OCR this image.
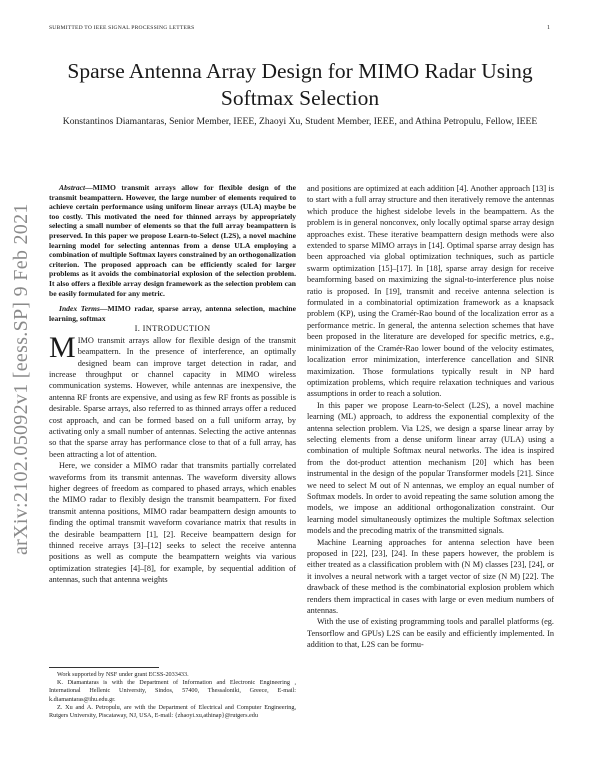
SUBMITTED TO IEEE SIGNAL PROCESSING LETTERS	1
arXiv:2102.05092v1 [eess.SP] 9 Feb 2021
Sparse Antenna Array Design for MIMO Radar Using Softmax Selection
Konstantinos Diamantaras, Senior Member, IEEE, Zhaoyi Xu, Student Member, IEEE, and Athina Petropulu, Fellow, IEEE

Abstract—MIMO transmit arrays allow for flexible design of the transmit beampattern. However, the large number of elements required to achieve certain performance using uniform linear arrays (ULA) maybe be too costly. This motivated the need for thinned arrays by appropriately selecting a small number of elements so that the full array beampattern is preserved. In this paper we propose Learn-to-Select (L2S), a novel machine learning model for selecting antennas from a dense ULA employing a combination of multiple Softmax layers constrained by an orthogonalization criterion. The proposed approach can be efficiently scaled for larger problems as it avoids the combinatorial explosion of the selection problem. It also offers a flexible array design framework as the selection problem can be easily formulated for any metric.

Index Terms—MIMO radar, sparse array, antenna selection, machine learning, softmax

I. INTRODUCTION

MIMO transmit arrays allow for flexible design of the transmit beampattern. In the presence of interference, an optimally designed beam can improve target detection in radar, and increase throughput or channel capacity in MIMO wireless communication systems. However, while antennas are inexpensive, the antenna RF fronts are expensive, and using as few RF fronts as possible is desirable. Sparse arrays, also referred to as thinned arrays offer a reduced cost approach, and can be formed based on a full uniform array, by activating only a small number of antennas. Selecting the active antennas so that the sparse array has performance close to that of a full array, has been attracting a lot of attention.

Here, we consider a MIMO radar that transmits partially correlated waveforms from its transmit antennas. The waveform diversity allows higher degrees of freedom as compared to phased arrays, which enables the MIMO radar to flexibly design the transmit beampattern. For fixed transmit antenna positions, MIMO radar beampattern design amounts to finding the optimal transmit waveform covariance matrix that results in the desirable beampattern [1], [2]. Receive beampattern design for thinned receive arrays [3]–[12] seeks to select the receive antenna positions as well as compute the beampattern weights via various optimization strategies [4]–[8], for example, by sequential addition of antennas, such that antenna weights

Work supported by NSF under grant ECSS-2033433.

K. Diamantaras is with the Department of Information and Electronic Engineering , International Hellenic University, Sindos, 57400, Thessaloniki, Greece, E-mail: k.diamantaras@ihu.edu.gr.

Z. Xu and A. Petropulu, are with the Department of Electrical and Computer Engineering, Rutgers University, Piscataway, NJ, USA, E-mail: {zhaoyi.xu,athinap}@rutgers.edu

and positions are optimized at each addition [4]. Another approach [13] is to start with a full array structure and then iteratively remove the antennas which produce the highest sidelobe levels in the beampattern. As the problem is in general nonconvex, only locally optimal sparse array design approaches exist. These iterative beampattern design methods were also extended to sparse MIMO arrays in [14]. Optimal sparse array design has been approached via global optimization techniques, such as particle swarm optimization [15]–[17]. In [18], sparse array design for receive beamforming based on maximizing the signal-to-interference plus noise ratio is proposed. In [19], transmit and receive antenna selection is formulated in a combinatorial optimization framework as a knapsack problem (KP), using the Cramér-Rao bound of the localization error as a performance metric. In general, the antenna selection schemes that have been proposed in the literature are developed for specific metrics, e.g., minimization of the Cramér-Rao lower bound of the velocity estimates, localization error minimization, interference cancellation and SINR maximization. Those formulations typically result in NP hard optimization problems, which require relaxation techniques and various assumptions in order to reach a solution.

In this paper we propose Learn-to-Select (L2S), a novel machine learning (ML) approach, to address the exponential complexity of the antenna selection problem. Via L2S, we design a sparse linear array by selecting elements from a dense uniform linear array (ULA) using a combination of multiple Softmax neural networks. The idea is inspired from the dot-product attention mechanism [20] which has been instrumental in the design of the popular Transformer models [21]. Since we need to select M out of N antennas, we employ an equal number of Softmax models. In order to avoid repeating the same solution among the models, we impose an additional orthogonalization constraint. Our learning model simultaneously optimizes the multiple Softmax selection models and the precoding matrix of the transmitted signals.

Machine Learning approaches for antenna selection have been proposed in [22], [23], [24]. In these papers however, the problem is either treated as a classification problem with (N M) classes [23], [24], or it involves a neural network with a target vector of size (N M) [22]. The drawback of these method is the combinatorial explosion problem which renders them impractical in cases with large or even medium numbers of antennas.

With the use of existing programming tools and parallel platforms (eg. Tensorflow and GPUs) L2S can be easily and efficiently implemented. In addition to that, L2S can be formu-
